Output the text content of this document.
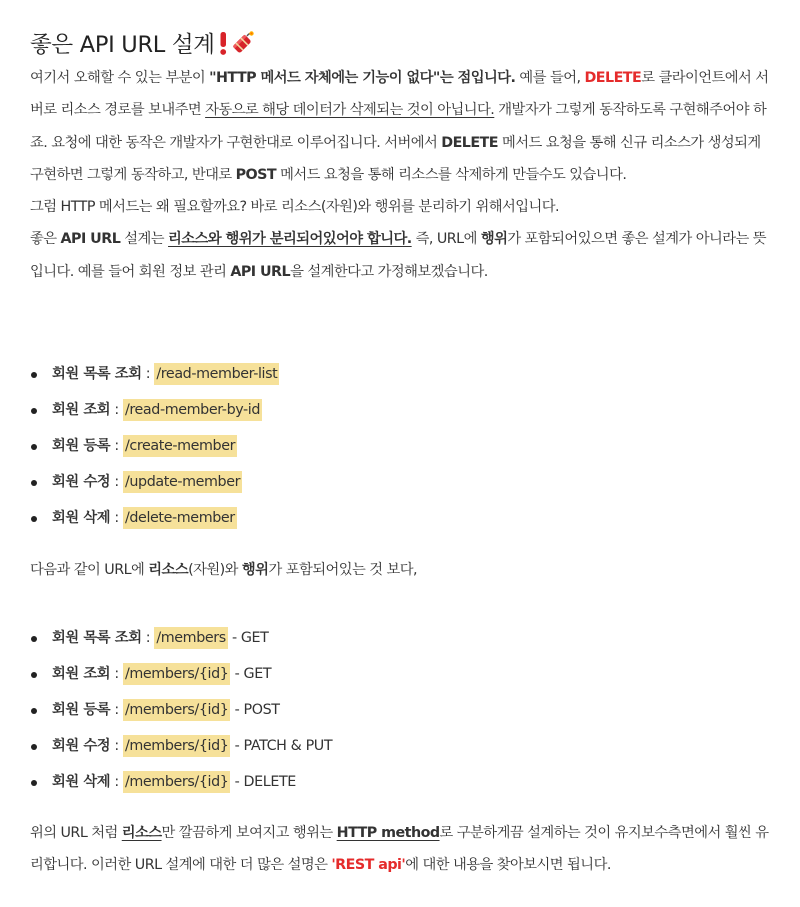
좋은 API URL 설계
여기서 오해할 수 있는 부분이 "HTTP 메서드 자체에는 기능이 없다"는 점입니다. 예를 들어, DELETE로 클라이언트에서 서버로 리소스 경로를 보내주면 자동으로 해당 데이터가 삭제되는 것이 아닙니다. 개발자가 그렇게 동작하도록 구현해주어야 하죠. 요청에 대한 동작은 개발자가 구현한대로 이루어집니다. 서버에서 DELETE 메서드 요청을 통해 신규 리소스가 생성되게 구현하면 그렇게 동작하고, 반대로 POST 메서드 요청을 통해 리소스를 삭제하게 만들수도 있습니다.
그럼 HTTP 메서드는 왜 필요할까요? 바로 리소스(자원)와 행위를 분리하기 위해서입니다.
좋은 API URL 설계는 리소스와 행위가 분리되어있어야 합니다. 즉, URL에 행위가 포함되어있으면 좋은 설계가 아니라는 뜻입니다. 예를 들어 회원 정보 관리 API URL을 설계한다고 가정해보겠습니다.
회원 목록 조회 : /read-member-list
회원 조회 : /read-member-by-id
회원 등록 : /create-member
회원 수정 : /update-member
회원 삭제 : /delete-member
다음과 같이 URL에 리소스(자원)와 행위가 포함되어있는 것 보다,
회원 목록 조회 : /members - GET
회원 조회 : /members/{id} - GET
회원 등록 : /members/{id} - POST
회원 수정 : /members/{id} - PATCH & PUT
회원 삭제 : /members/{id} - DELETE
위의 URL 처럼 리소스만 깔끔하게 보여지고 행위는 HTTP method로 구분하게끔 설계하는 것이 유지보수측면에서 훨씬 유리합니다. 이러한 URL 설계에 대한 더 많은 설명은 'REST api'에 대한 내용을 찾아보시면 됩니다.
